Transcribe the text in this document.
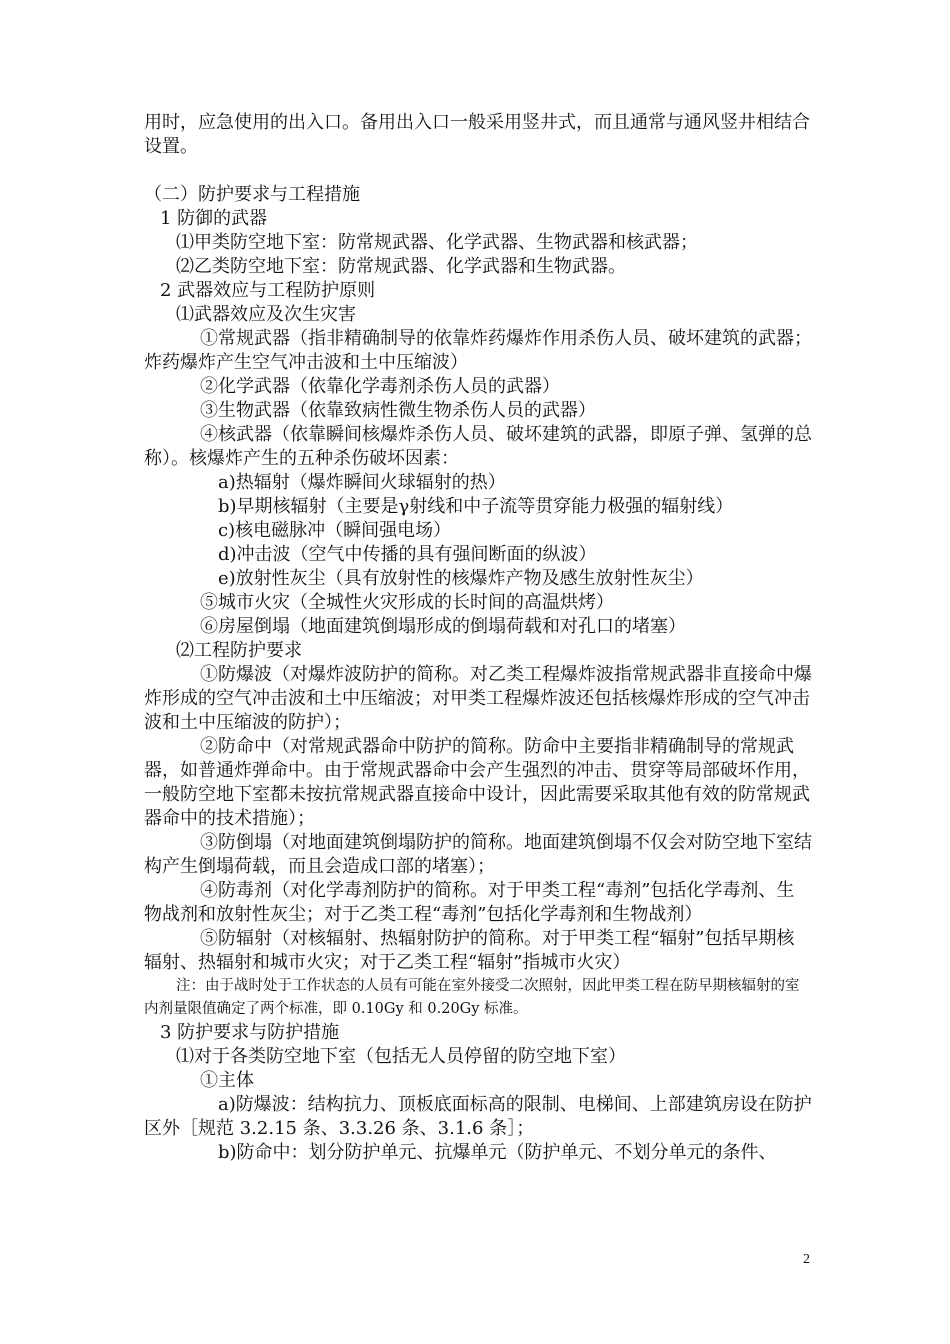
用时，应急使用的出入口。备用出入口一般采用竖井式，而且通常与通风竖井相结合设置。

（二）防护要求与工程措施

1 防御的武器

⑴甲类防空地下室：防常规武器、化学武器、生物武器和核武器；

⑵乙类防空地下室：防常规武器、化学武器和生物武器。

2 武器效应与工程防护原则

⑴武器效应及次生灾害

①常规武器（指非精确制导的依靠炸药爆炸作用杀伤人员、破坏建筑的武器；炸药爆炸产生空气冲击波和土中压缩波）

②化学武器（依靠化学毒剂杀伤人员的武器）

③生物武器（依靠致病性微生物杀伤人员的武器）

④核武器（依靠瞬间核爆炸杀伤人员、破坏建筑的武器，即原子弹、氢弹的总称）。核爆炸产生的五种杀伤破坏因素：

a)热辐射（爆炸瞬间火球辐射的热）

b)早期核辐射（主要是γ射线和中子流等贯穿能力极强的辐射线）

c)核电磁脉冲（瞬间强电场）

d)冲击波（空气中传播的具有强间断面的纵波）

e)放射性灰尘（具有放射性的核爆炸产物及感生放射性灰尘）

⑤城市火灾（全城性火灾形成的长时间的高温烘烤）

⑥房屋倒塌（地面建筑倒塌形成的倒塌荷载和对孔口的堵塞）

⑵工程防护要求

①防爆波（对爆炸波防护的简称。对乙类工程爆炸波指常规武器非直接命中爆炸形成的空气冲击波和土中压缩波；对甲类工程爆炸波还包括核爆炸形成的空气冲击波和土中压缩波的防护）；

②防命中（对常规武器命中防护的简称。防命中主要指非精确制导的常规武器，如普通炸弹命中。由于常规武器命中会产生强烈的冲击、贯穿等局部破坏作用，一般防空地下室都未按抗常规武器直接命中设计，因此需要采取其他有效的防常规武器命中的技术措施）；

③防倒塌（对地面建筑倒塌防护的简称。地面建筑倒塌不仅会对防空地下室结构产生倒塌荷载，而且会造成口部的堵塞）；

④防毒剂（对化学毒剂防护的简称。对于甲类工程“毒剂”包括化学毒剂、生物战剂和放射性灰尘；对于乙类工程“毒剂”包括化学毒剂和生物战剂）

⑤防辐射（对核辐射、热辐射防护的简称。对于甲类工程“辐射”包括早期核辐射、热辐射和城市火灾；对于乙类工程“辐射”指城市火灾）

注：由于战时处于工作状态的人员有可能在室外接受二次照射，因此甲类工程在防早期核辐射的室内剂量限值确定了两个标准，即 0.10Gy 和 0.20Gy 标准。

3 防护要求与防护措施

⑴对于各类防空地下室（包括无人员停留的防空地下室）

①主体

a)防爆波：结构抗力、顶板底面标高的限制、电梯间、上部建筑房设在防护区外［规范 3.2.15 条、3.3.26 条、3.1.6 条］；

b)防命中：划分防护单元、抗爆单元（防护单元、不划分单元的条件、

2
